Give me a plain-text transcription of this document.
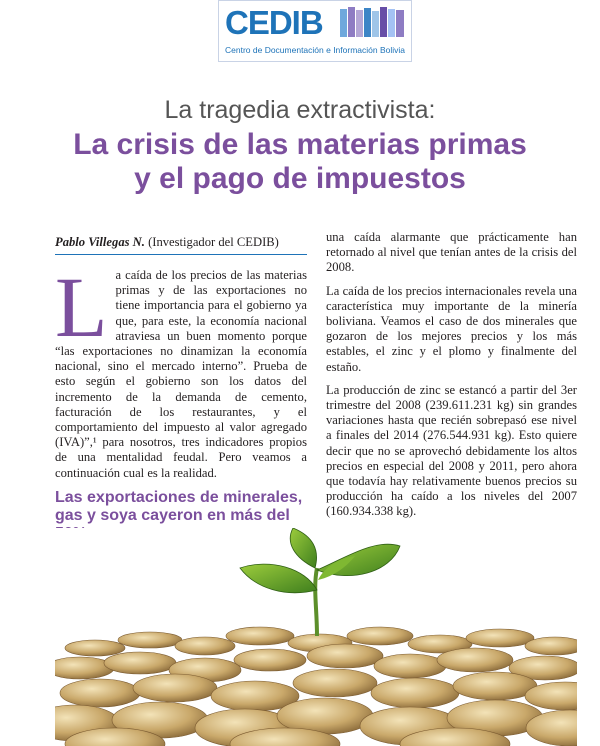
CEDIB
Centro de Documentación e Información Bolivia
La tragedia extractivista:
La crisis de las materias primas
y el pago de impuestos
Pablo Villegas N. (Investigador del CEDIB)

La caída de los precios de las materias primas y de las exportaciones no tiene importancia para el gobierno ya que, para este, la economía nacional atraviesa un buen momento porque “las exportaciones no dinamizan la economía nacional, sino el mercado interno”. Prueba de esto según el gobierno son los datos del incremento de la demanda de cemento, facturación de los restaurantes, y el comportamiento del impuesto al valor agregado (IVA)”,¹ para nosotros, tres indicadores propios de una mentalidad feudal. Pero veamos a continuación cual es la realidad.

Las exportaciones de minerales, gas y soya cayeron en más del

una caída alarmante que prácticamente han retornado al nivel que tenían antes de la crisis del 2008.

La caída de los precios internacionales revela una característica muy importante de la minería boliviana. Veamos el caso de dos minerales que gozaron de los mejores precios y los más estables, el zinc y el plomo y finalmente del estaño.

La producción de zinc se estancó a partir del 3er trimestre del 2008 (239.611.231 kg) sin grandes variaciones hasta que recién sobrepasó ese nivel a finales del 2014 (276.544.931 kg). Esto quiere decir que no se aprovechó debidamente los altos precios en especial del 2008 y 2011, pero ahora que todavía hay relativamente buenos precios su producción ha caído a los niveles del 2007 (160.934.338 kg).
